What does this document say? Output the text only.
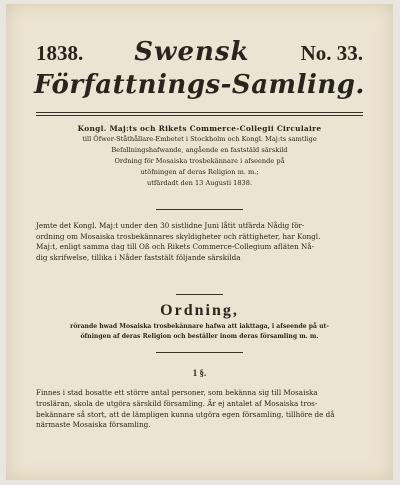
1838. Swensk No. 33.
Författnings-Samling.
Kongl. Maj:ts och Rikets Commerce-Collegii Circulaire
till Öfwer-Ståthållare-Embetet i Stockholm och Kongl. Maj:ts samtlige
Befallningshafwande, angående en faststäld särskild
Ordning för Mosaiska trosbekännare i afseende på
utöfningen af deras Religion m. m.;
utfärdadt den 13 Augusti 1838.
Jemte det Kongl. Maj:t under den 30 sistlidne Juni låtit utfärda Nådig för-
ordning om Mosaiska trosbekännares skyldigheter och rättigheter, har Kongl.
Maj:t, enligt samma dag till Oß och Rikets Commerce-Collegium afläten Nå-
dig skrifwelse, tillika i Nåder faststält följande särskilda
Ordning,
rörande hwad Mosaiska trosbekännare hafwa att iakttaga, i afseende på ut-
öfningen af deras Religion och beställer inom deras församling m. m.
1 §.
Finnes i stad bosatte ett större antal personer, som bekänna sig till Mosaiska
trosläran, skola de utgöra särskild församling. Är ej antalet af Mosaiska tros-
bekännare så stort, att de lämpligen kunna utgöra egen församling, tillhöre de då
närmaste Mosaiska församling.
